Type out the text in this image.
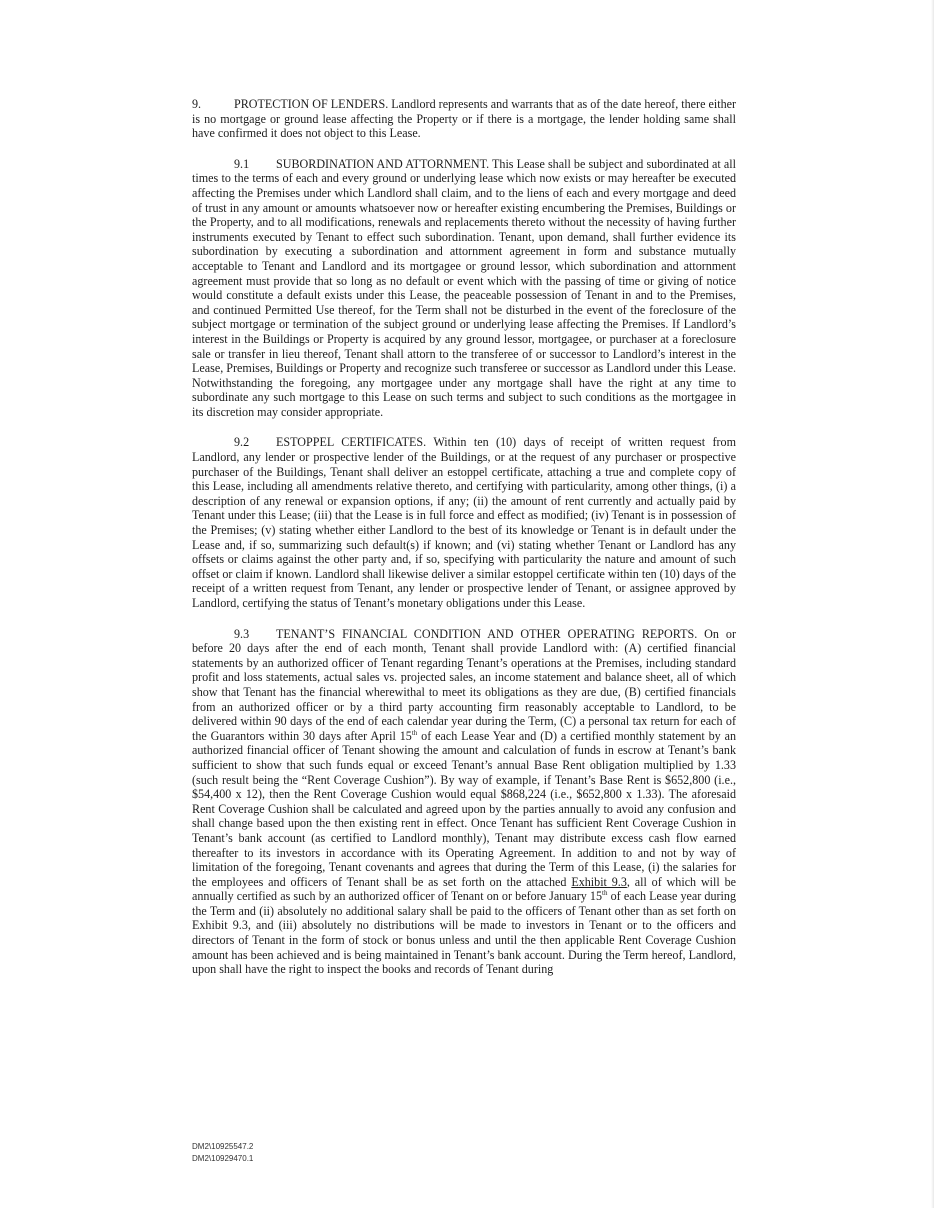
9.	PROTECTION OF LENDERS. Landlord represents and warrants that as of the date hereof, there either is no mortgage or ground lease affecting the Property or if there is a mortgage, the lender holding same shall have confirmed it does not object to this Lease.

9.1 SUBORDINATION AND ATTORNMENT. This Lease shall be subject and subordinated at all times to the terms of each and every ground or underlying lease which now exists or may hereafter be executed affecting the Premises under which Landlord shall claim, and to the liens of each and every mortgage and deed of trust in any amount or amounts whatsoever now or hereafter existing encumbering the Premises, Buildings or the Property, and to all modifications, renewals and replacements thereto without the necessity of having further instruments executed by Tenant to effect such subordination. Tenant, upon demand, shall further evidence its subordination by executing a subordination and attornment agreement in form and substance mutually acceptable to Tenant and Landlord and its mortgagee or ground lessor, which subordination and attornment agreement must provide that so long as no default or event which with the passing of time or giving of notice would constitute a default exists under this Lease, the peaceable possession of Tenant in and to the Premises, and continued Permitted Use thereof, for the Term shall not be disturbed in the event of the foreclosure of the subject mortgage or termination of the subject ground or underlying lease affecting the Premises. If Landlord’s interest in the Buildings or Property is acquired by any ground lessor, mortgagee, or purchaser at a foreclosure sale or transfer in lieu thereof, Tenant shall attorn to the transferee of or successor to Landlord’s interest in the Lease, Premises, Buildings or Property and recognize such transferee or successor as Landlord under this Lease. Notwithstanding the foregoing, any mortgagee under any mortgage shall have the right at any time to subordinate any such mortgage to this Lease on such terms and subject to such conditions as the mortgagee in its discretion may consider appropriate.

9.2 ESTOPPEL CERTIFICATES. Within ten (10) days of receipt of written request from Landlord, any lender or prospective lender of the Buildings, or at the request of any purchaser or prospective purchaser of the Buildings, Tenant shall deliver an estoppel certificate, attaching a true and complete copy of this Lease, including all amendments relative thereto, and certifying with particularity, among other things, (i) a description of any renewal or expansion options, if any; (ii) the amount of rent currently and actually paid by Tenant under this Lease; (iii) that the Lease is in full force and effect as modified; (iv) Tenant is in possession of the Premises; (v) stating whether either Landlord to the best of its knowledge or Tenant is in default under the Lease and, if so, summarizing such default(s) if known; and (vi) stating whether Tenant or Landlord has any offsets or claims against the other party and, if so, specifying with particularity the nature and amount of such offset or claim if known. Landlord shall likewise deliver a similar estoppel certificate within ten (10) days of the receipt of a written request from Tenant, any lender or prospective lender of Tenant, or assignee approved by Landlord, certifying the status of Tenant’s monetary obligations under this Lease.

9.3 TENANT’S FINANCIAL CONDITION AND OTHER OPERATING REPORTS. On or before 20 days after the end of each month, Tenant shall provide Landlord with: (A) certified financial statements by an authorized officer of Tenant regarding Tenant’s operations at the Premises, including standard profit and loss statements, actual sales vs. projected sales, an income statement and balance sheet, all of which show that Tenant has the financial wherewithal to meet its obligations as they are due, (B) certified financials from an authorized officer or by a third party accounting firm reasonably acceptable to Landlord, to be delivered within 90 days of the end of each calendar year during the Term, (C) a personal tax return for each of the Guarantors within 30 days after April 15th of each Lease Year and (D) a certified monthly statement by an authorized financial officer of Tenant showing the amount and calculation of funds in escrow at Tenant’s bank sufficient to show that such funds equal or exceed Tenant’s annual Base Rent obligation multiplied by 1.33 (such result being the “Rent Coverage Cushion”). By way of example, if Tenant’s Base Rent is $652,800 (i.e., $54,400 x 12), then the Rent Coverage Cushion would equal $868,224 (i.e., $652,800 x 1.33). The aforesaid Rent Coverage Cushion shall be calculated and agreed upon by the parties annually to avoid any confusion and shall change based upon the then existing rent in effect. Once Tenant has sufficient Rent Coverage Cushion in Tenant’s bank account (as certified to Landlord monthly), Tenant may distribute excess cash flow earned thereafter to its investors in accordance with its Operating Agreement. In addition to and not by way of limitation of the foregoing, Tenant covenants and agrees that during the Term of this Lease, (i) the salaries for the employees and officers of Tenant shall be as set forth on the attached Exhibit 9.3, all of which will be annually certified as such by an authorized officer of Tenant on or before January 15th of each Lease year during the Term and (ii) absolutely no additional salary shall be paid to the officers of Tenant other than as set forth on Exhibit 9.3, and (iii) absolutely no distributions will be made to investors in Tenant or to the officers and directors of Tenant in the form of stock or bonus unless and until the then applicable Rent Coverage Cushion amount has been achieved and is being maintained in Tenant’s bank account. During the Term hereof, Landlord, upon shall have the right to inspect the books and records of Tenant during

DM2\10925547.2
DM2\10929470.1
